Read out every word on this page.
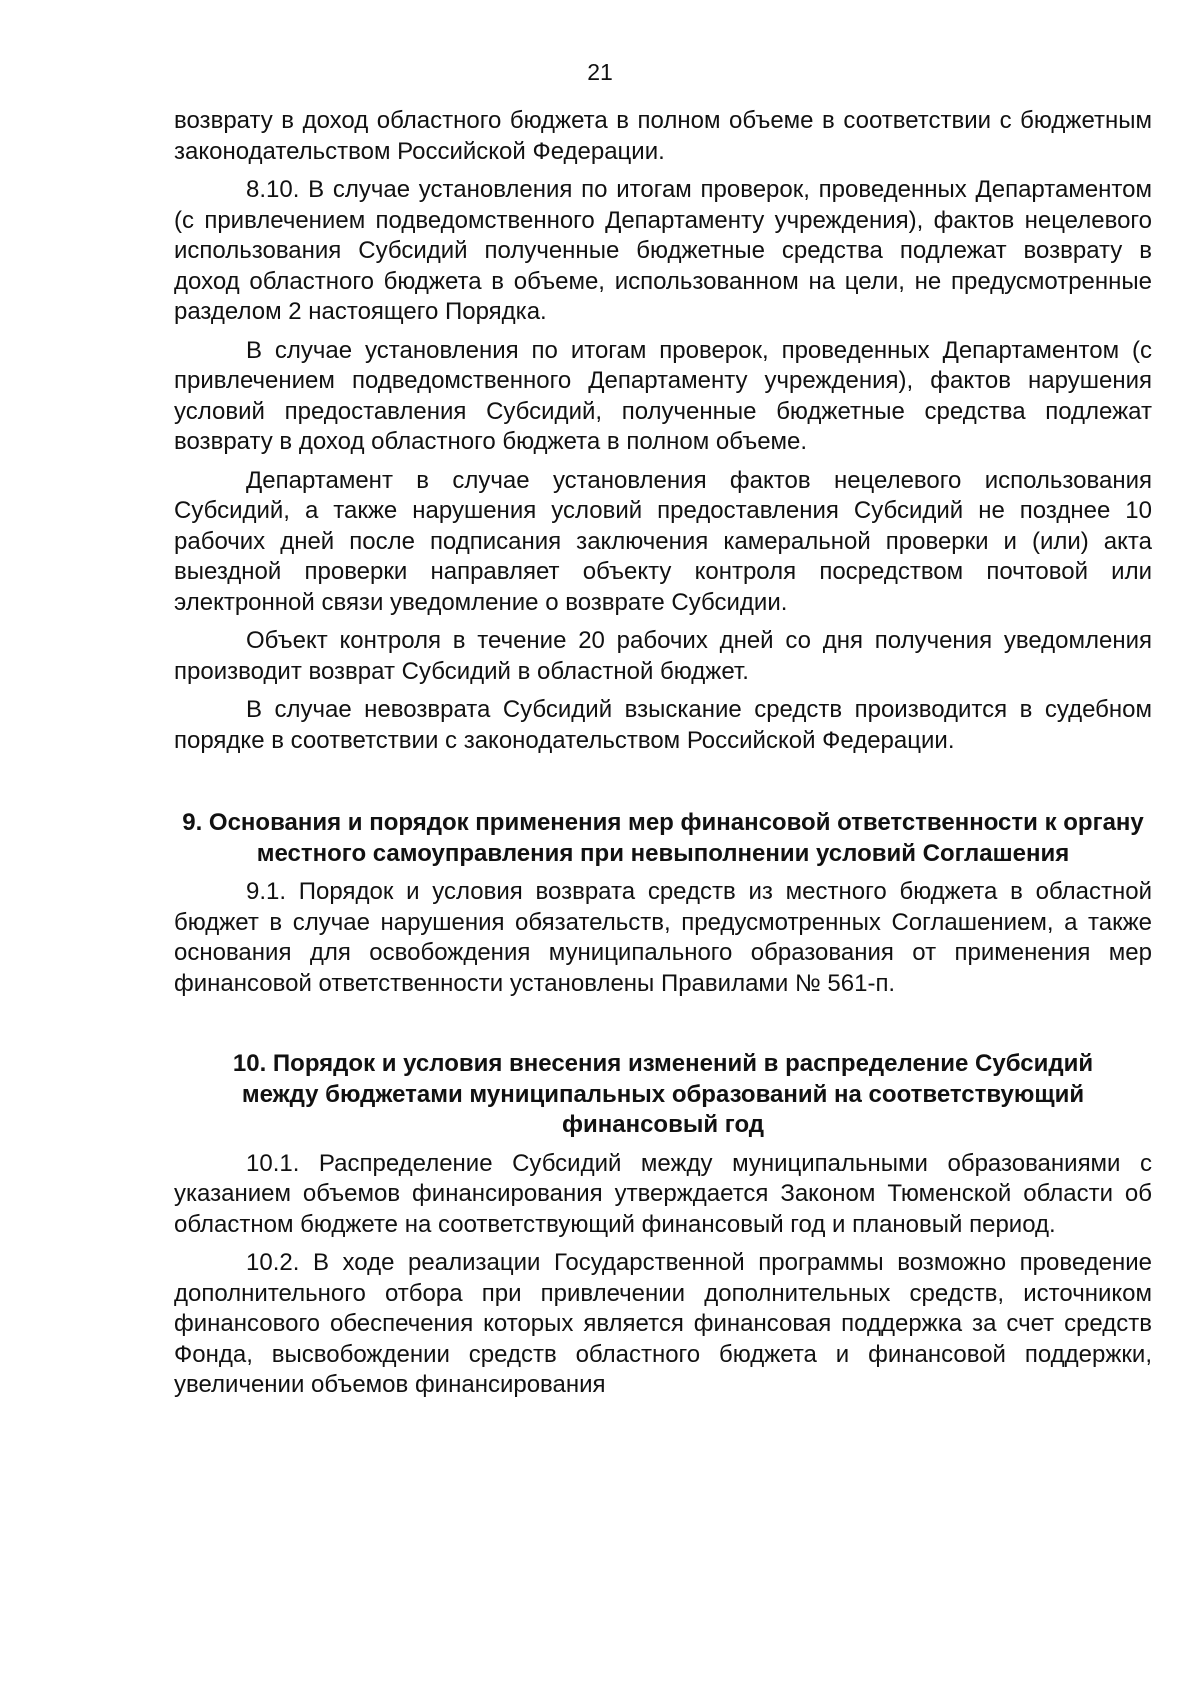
21

возврату в доход областного бюджета в полном объеме в соответствии с бюджетным законодательством Российской Федерации.

8.10. В случае установления по итогам проверок, проведенных Департаментом (с привлечением подведомственного Департаменту учреждения), фактов нецелевого использования Субсидий полученные бюджетные средства подлежат возврату в доход областного бюджета в объеме, использованном на цели, не предусмотренные разделом 2 настоящего Порядка.

В случае установления по итогам проверок, проведенных Департаментом (с привлечением подведомственного Департаменту учреждения), фактов нарушения условий предоставления Субсидий, полученные бюджетные средства подлежат возврату в доход областного бюджета в полном объеме.

Департамент в случае установления фактов нецелевого использования Субсидий, а также нарушения условий предоставления Субсидий не позднее 10 рабочих дней после подписания заключения камеральной проверки и (или) акта выездной проверки направляет объекту контроля посредством почтовой или электронной связи уведомление о возврате Субсидии.

Объект контроля в течение 20 рабочих дней со дня получения уведомления производит возврат Субсидий в областной бюджет.

В случае невозврата Субсидий взыскание средств производится в судебном порядке в соответствии с законодательством Российской Федерации.

9. Основания и порядок применения мер финансовой ответственности к органу местного самоуправления при невыполнении условий Соглашения

9.1. Порядок и условия возврата средств из местного бюджета в областной бюджет в случае нарушения обязательств, предусмотренных Соглашением, а также основания для освобождения муниципального образования от применения мер финансовой ответственности установлены Правилами № 561-п.

10. Порядок и условия внесения изменений в распределение Субсидий между бюджетами муниципальных образований на соответствующий финансовый год

10.1. Распределение Субсидий между муниципальными образованиями с указанием объемов финансирования утверждается Законом Тюменской области об областном бюджете на соответствующий финансовый год и плановый период.

10.2. В ходе реализации Государственной программы возможно проведение дополнительного отбора при привлечении дополнительных средств, источником финансового обеспечения которых является финансовая поддержка за счет средств Фонда, высвобождении средств областного бюджета и финансовой поддержки, увеличении объемов финансирования
